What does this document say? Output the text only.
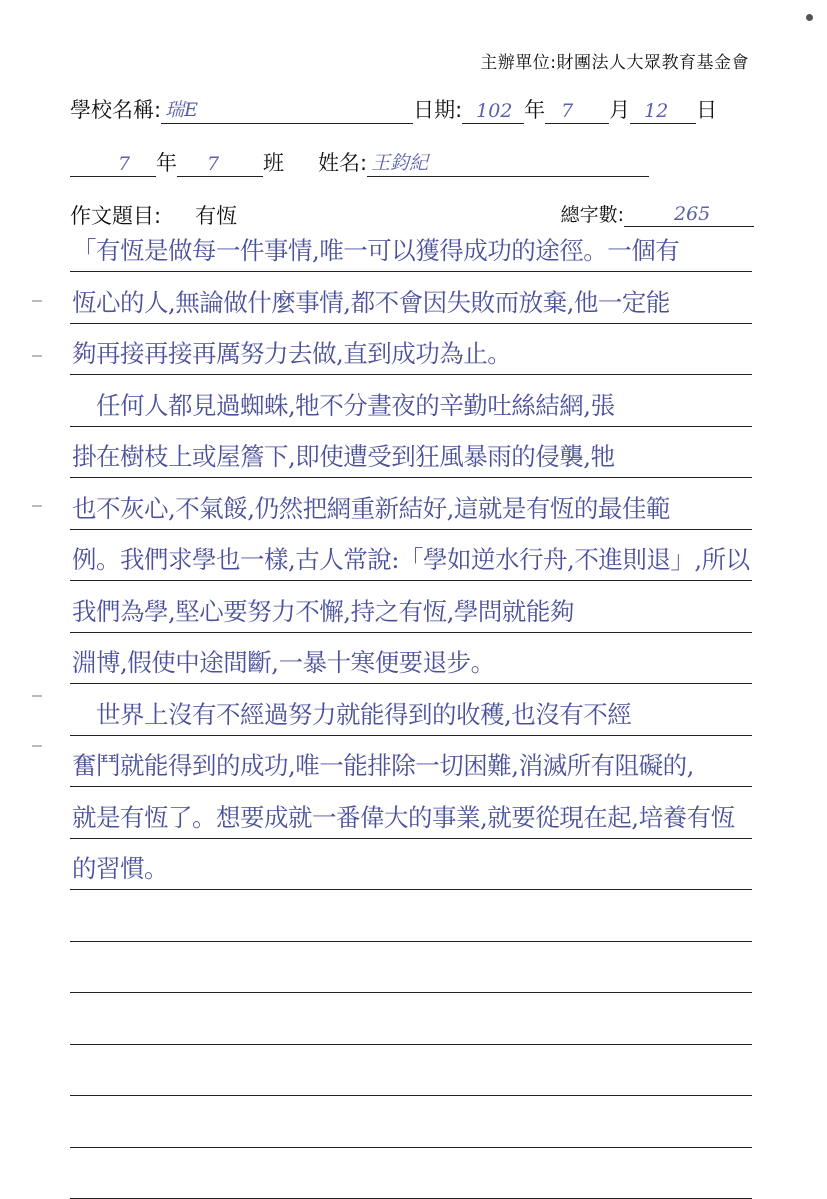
主辦單位:財團法人大眾教育基金會
學校名稱: 瑞E	日期: 102 年 7 月 12 日
7 年 7 班 姓名: 王鈞紀
作文題目: 有恆	總字數:	265
「有恆是做每一件事情,唯一可以獲得成功的途徑。一個有
恆心的人,無論做什麼事情,都不會因失敗而放棄,他一定能
夠再接再接再厲努力去做,直到成功為止。
　任何人都見過蜘蛛,牠不分晝夜的辛勤吐絲結網,張
掛在樹枝上或屋簷下,即使遭受到狂風暴雨的侵襲,牠
也不灰心,不氣餒,仍然把網重新結好,這就是有恆的最佳範
例。我們求學也一樣,古人常說:「學如逆水行舟,不進則退」,所以
我們為學,堅心要努力不懈,持之有恆,學問就能夠
淵博,假使中途間斷,一暴十寒便要退步。
　世界上沒有不經過努力就能得到的收穫,也沒有不經
奮鬥就能得到的成功,唯一能排除一切困難,消滅所有阻礙的,
就是有恆了。想要成就一番偉大的事業,就要從現在起,培養有恆
的習慣。
